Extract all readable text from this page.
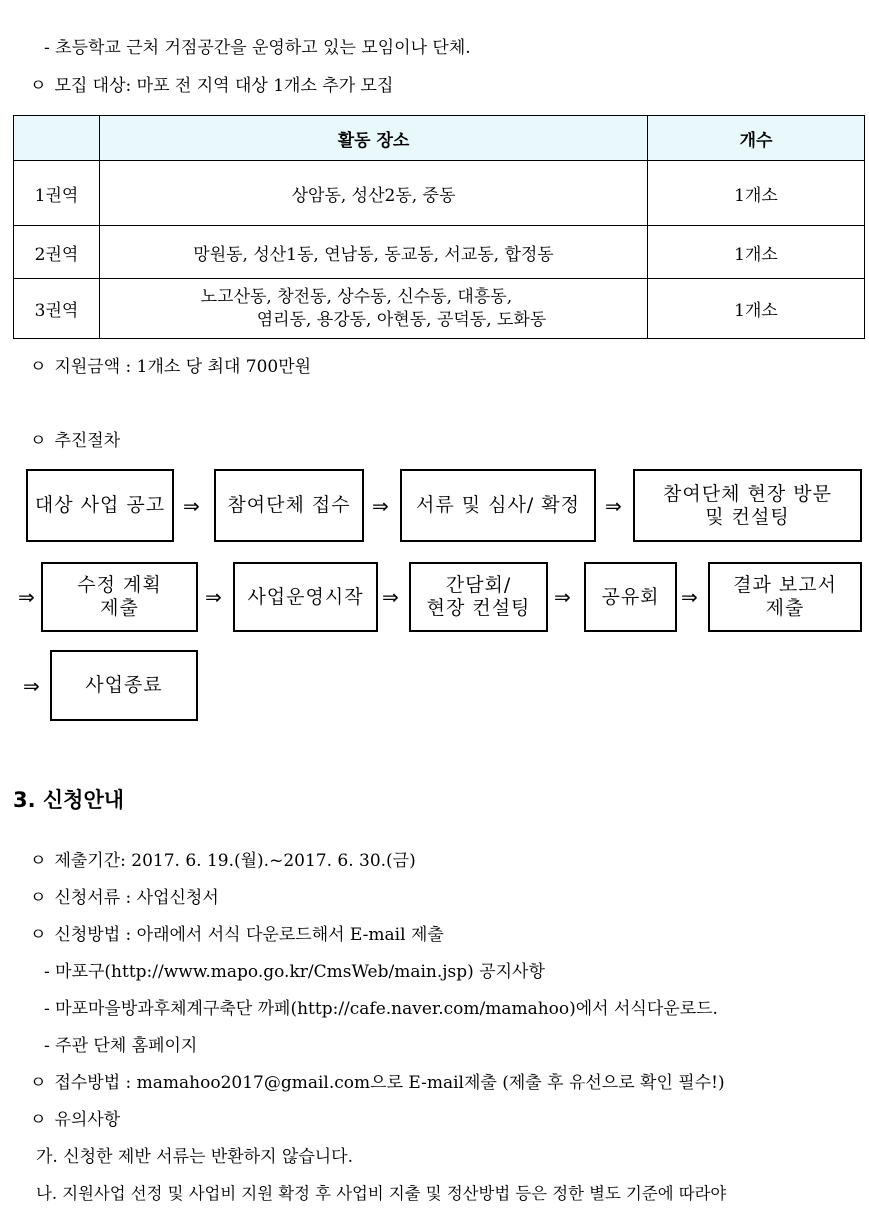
- 초등학교 근처 거점공간을 운영하고 있는 모임이나 단체.
ㅇ 모집 대상: 마포 전 지역 대상 1개소 추가 모집
	활동 장소	개수
1권역	상암동, 성산2동, 중동	1개소
2권역	망원동, 성산1동, 연남동, 동교동, 서교동, 합정동	1개소
3권역	노고산동, 창전동, 상수동, 신수동, 대흥동,
염리동, 용강동, 아현동, 공덕동, 도화동	1개소
ㅇ 지원금액 : 1개소 당 최대 700만원
ㅇ 추진절차
대상 사업 공고 ⇒ 참여단체 접수 ⇒ 서류 및 심사/ 확정 ⇒
참여단체 현장 방문
및 컨설팅
⇒ 수정 계획
제출	⇒ 사업운영시작 ⇒	간담회/
현장 컨설팅 ⇒ 공유회 ⇒ 결과 보고서
제출
⇒ 사업종료
3. 신청안내
ㅇ 제출기간: 2017. 6. 19.(월).~2017. 6. 30.(금)
ㅇ 신청서류 : 사업신청서
ㅇ 신청방법 : 아래에서 서식 다운로드해서 E-mail 제출
- 마포구(http://www.mapo.go.kr/CmsWeb/main.jsp) 공지사항
- 마포마을방과후체계구축단 까페(http://cafe.naver.com/mamahoo)에서 서식다운로드.
- 주관 단체 홈페이지
ㅇ 접수방법 : mamahoo2017@gmail.com으로 E-mail제출 (제출 후 유선으로 확인 필수!)
ㅇ 유의사항
가. 신청한 제반 서류는 반환하지 않습니다.
나. 지원사업 선정 및 사업비 지원 확정 후 사업비 지출 및 정산방법 등은 정한 별도 기준에 따라야
